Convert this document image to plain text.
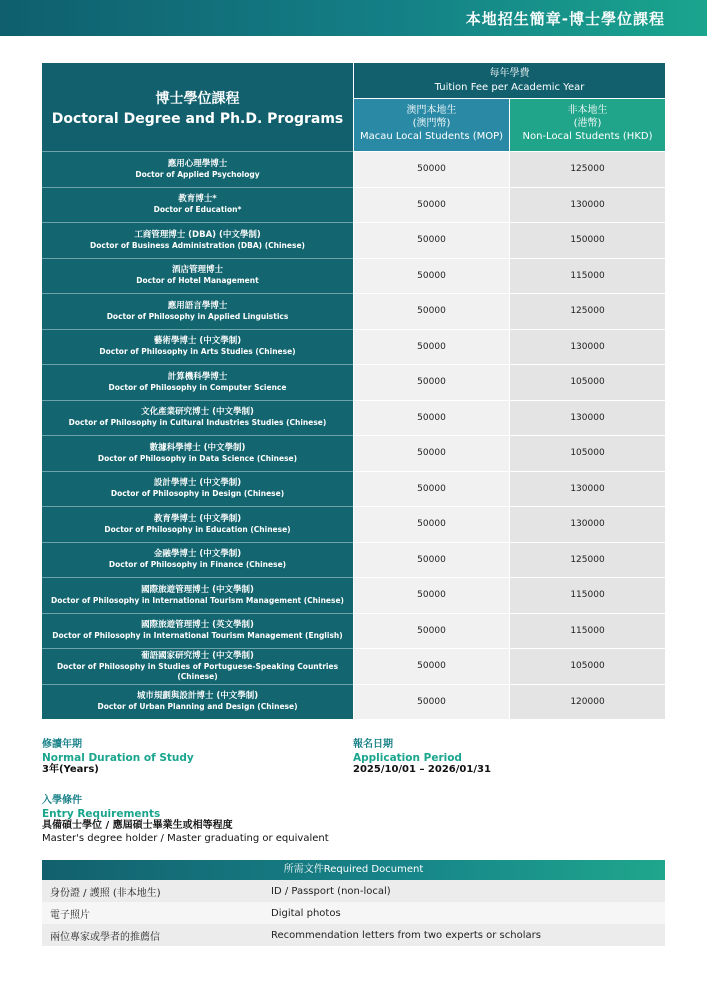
本地招生簡章-博士學位課程
博士學位課程
Doctoral Degree and Ph.D. Programs
每年學費
Tuition Fee per Academic Year
澳門本地生
(澳門幣)
Macau Local Students (MOP)
非本地生
(港幣)
Non-Local Students (HKD)
應用心理學博士
Doctor of Applied Psychology	50000	125000
教育博士*
Doctor of Education*	50000	130000
工商管理博士 (DBA) (中文學制)
Doctor of Business Administration (DBA) (Chinese)	50000	150000
酒店管理博士
Doctor of Hotel Management	50000	115000
應用語言學博士
Doctor of Philosophy in Applied Linguistics	50000	125000
藝術學博士 (中文學制)
Doctor of Philosophy in Arts Studies (Chinese)	50000	130000
計算機科學博士
Doctor of Philosophy in Computer Science	50000	105000
文化產業研究博士 (中文學制)
Doctor of Philosophy in Cultural Industries Studies (Chinese)	50000	130000
數據科學博士 (中文學制)
Doctor of Philosophy in Data Science (Chinese)	50000	105000
設計學博士 (中文學制)
Doctor of Philosophy in Design (Chinese)	50000	130000
教育學博士 (中文學制)
Doctor of Philosophy in Education (Chinese)	50000	130000
金融學博士 (中文學制)
Doctor of Philosophy in Finance (Chinese)	50000	125000
國際旅遊管理博士 (中文學制)
Doctor of Philosophy in International Tourism Management (Chinese)	50000	115000
國際旅遊管理博士 (英文學制)
Doctor of Philosophy in International Tourism Management (English)	50000	115000
葡語國家研究博士 (中文學制)
Doctor of Philosophy in Studies of Portuguese-Speaking Countries (Chinese)
50000	105000
城市規劃與設計博士 (中文學制)
Doctor of Urban Planning and Design (Chinese)	50000	120000
修讀年期
Normal Duration of Study
3年(Years)
報名日期
Application Period
2025/10/01 – 2026/01/31
入學條件
Entry Requirements
具備碩士學位 / 應屆碩士畢業生或相等程度
Master's degree holder / Master graduating or equivalent
所需文件Required Document
身份證 / 護照 (非本地生)	ID / Passport (non-local)
電子照片	Digital photos
兩位專家或學者的推薦信	Recommendation letters from two experts or scholars
